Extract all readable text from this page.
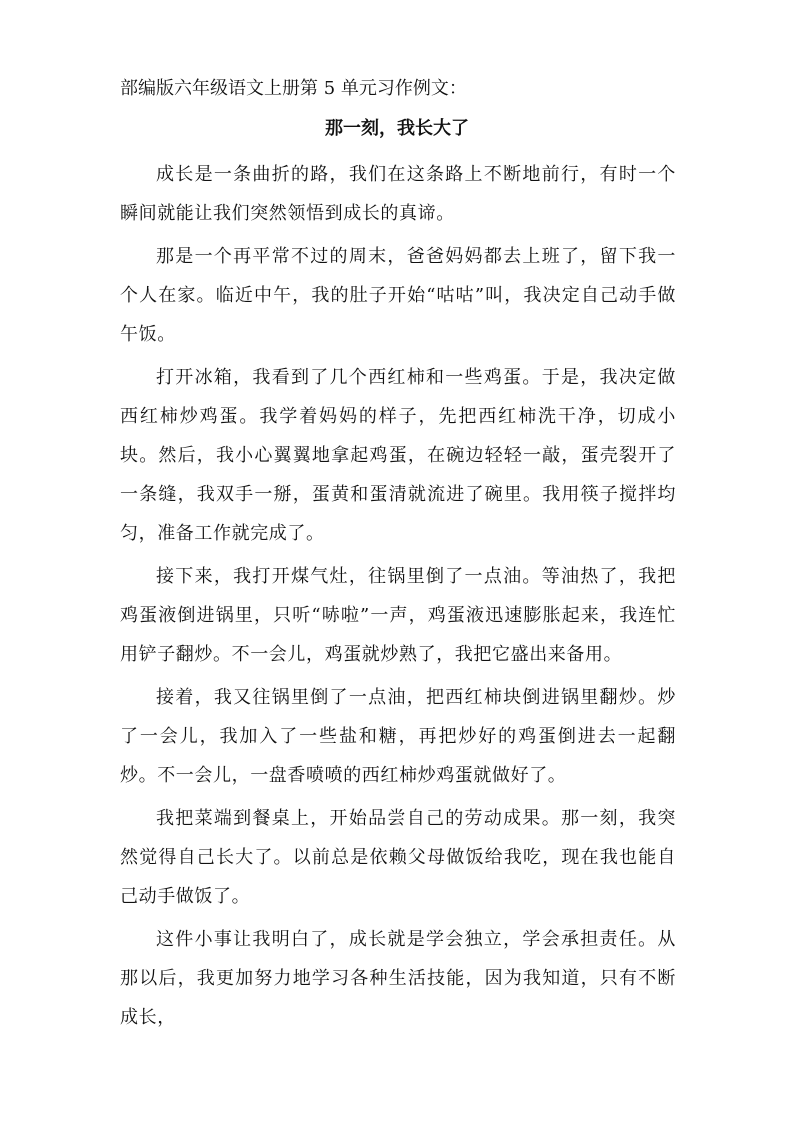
部编版六年级语文上册第 5 单元习作例文：
那一刻，我长大了

成长是一条曲折的路，我们在这条路上不断地前行，有时一个瞬间就能让我们突然领悟到成长的真谛。

那是一个再平常不过的周末，爸爸妈妈都去上班了，留下我一个人在家。临近中午，我的肚子开始“咕咕”叫，我决定自己动手做午饭。

打开冰箱，我看到了几个西红柿和一些鸡蛋。于是，我决定做西红柿炒鸡蛋。我学着妈妈的样子，先把西红柿洗干净，切成小块。然后，我小心翼翼地拿起鸡蛋，在碗边轻轻一敲，蛋壳裂开了一条缝，我双手一掰，蛋黄和蛋清就流进了碗里。我用筷子搅拌均匀，准备工作就完成了。

接下来，我打开煤气灶，往锅里倒了一点油。等油热了，我把鸡蛋液倒进锅里，只听“哧啦”一声，鸡蛋液迅速膨胀起来，我连忙用铲子翻炒。不一会儿，鸡蛋就炒熟了，我把它盛出来备用。

接着，我又往锅里倒了一点油，把西红柿块倒进锅里翻炒。炒了一会儿，我加入了一些盐和糖，再把炒好的鸡蛋倒进去一起翻炒。不一会儿，一盘香喷喷的西红柿炒鸡蛋就做好了。

我把菜端到餐桌上，开始品尝自己的劳动成果。那一刻，我突然觉得自己长大了。以前总是依赖父母做饭给我吃，现在我也能自己动手做饭了。

这件小事让我明白了，成长就是学会独立，学会承担责任。从那以后，我更加努力地学习各种生活技能，因为我知道，只有不断成长，
